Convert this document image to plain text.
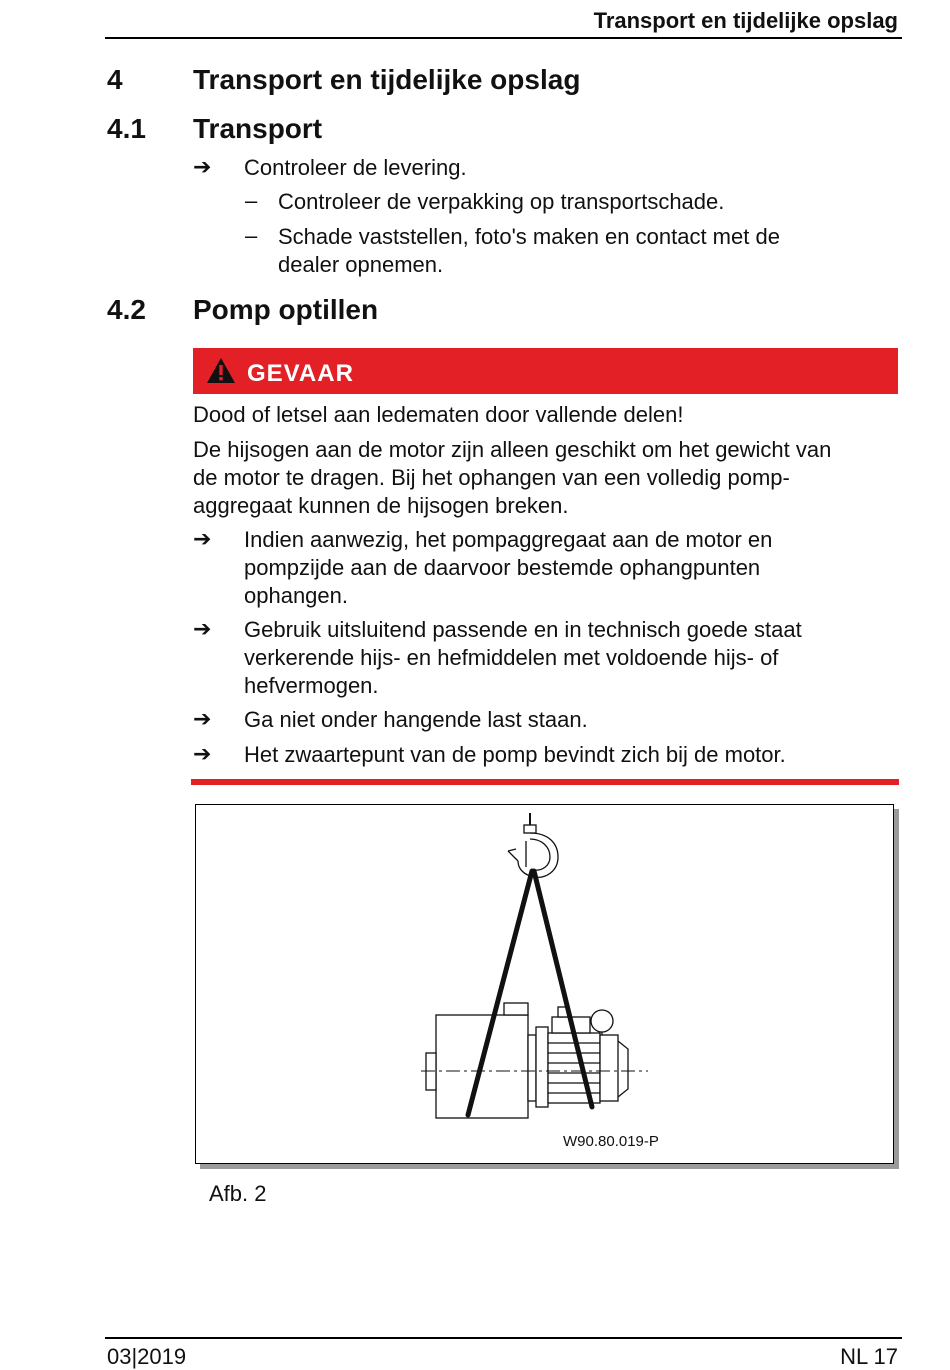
Transport en tijdelijke opslag
4	Transport en tijdelijke opslag
4.1 Transport
➔ Controleer de levering.
– Controleer de verpakking op transportschade.
– Schade vaststellen, foto's maken en contact met de
dealer opnemen.
4.2 Pomp optillen
GEVAAR
Dood of letsel aan ledematen door vallende delen!
De hijsogen aan de motor zijn alleen geschikt om het gewicht van
de motor te dragen. Bij het ophangen van een volledig pomp-
aggregaat kunnen de hijsogen breken.
➔ Indien aanwezig, het pompaggregaat aan de motor en
pompzijde aan de daarvoor bestemde ophangpunten
ophangen.
➔ Gebruik uitsluitend passende en in technisch goede staat
verkerende hijs- en hefmiddelen met voldoende hijs- of
hefvermogen.
➔ Ga niet onder hangende last staan.
➔ Het zwaartepunt van de pomp bevindt zich bij de motor.
W90.80.019-P
Afb. 2
03|2019	NL 17
